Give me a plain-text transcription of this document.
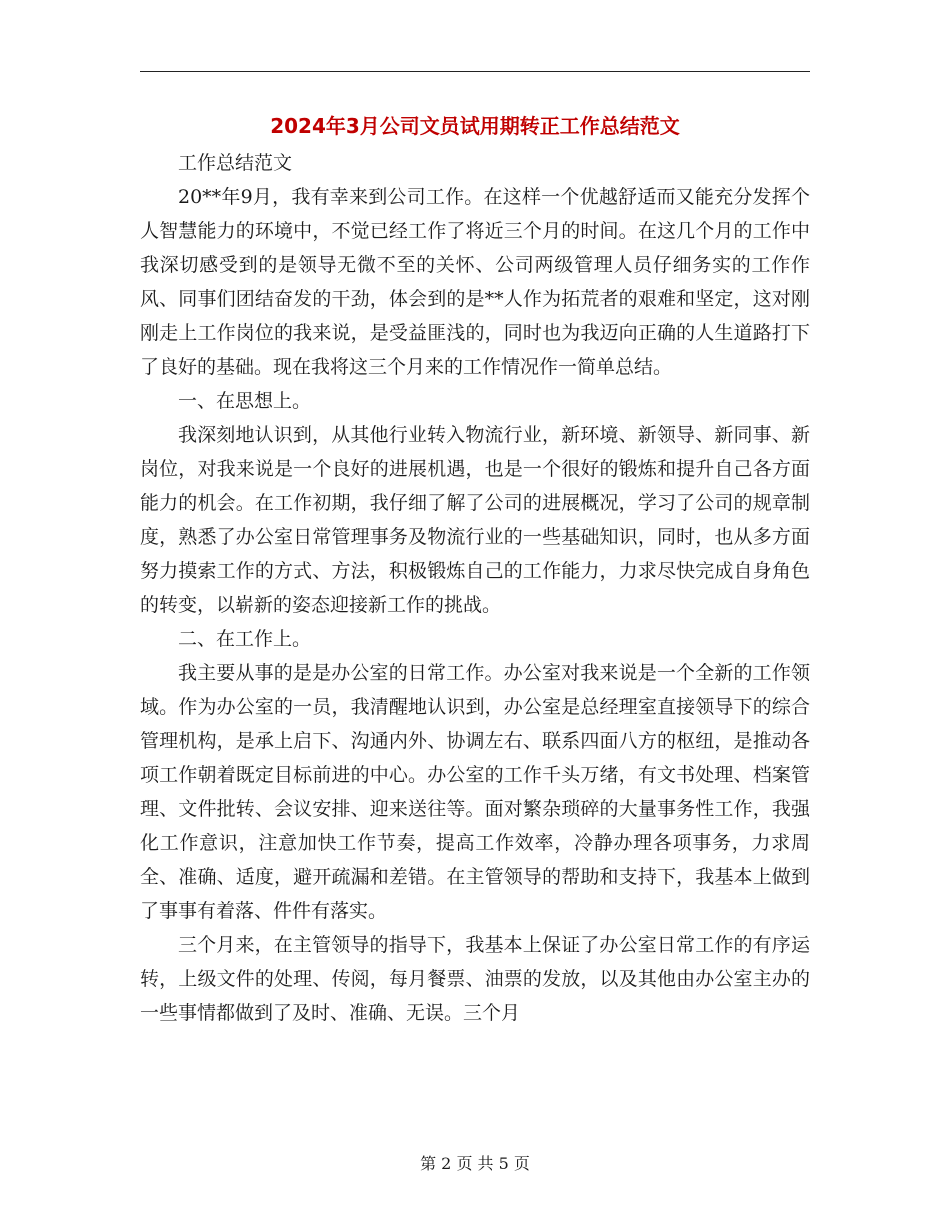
2024年3月公司文员试用期转正工作总结范文

工作总结范文

20**年9月，我有幸来到公司工作。在这样一个优越舒适而又能充分发挥个人智慧能力的环境中，不觉已经工作了将近三个月的时间。在这几个月的工作中我深切感受到的是领导无微不至的关怀、公司两级管理人员仔细务实的工作作风、同事们团结奋发的干劲，体会到的是**人作为拓荒者的艰难和坚定，这对刚刚走上工作岗位的我来说，是受益匪浅的，同时也为我迈向正确的人生道路打下了良好的基础。现在我将这三个月来的工作情况作一简单总结。

一、在思想上。

我深刻地认识到，从其他行业转入物流行业，新环境、新领导、新同事、新岗位，对我来说是一个良好的进展机遇，也是一个很好的锻炼和提升自己各方面能力的机会。在工作初期，我仔细了解了公司的进展概况，学习了公司的规章制度，熟悉了办公室日常管理事务及物流行业的一些基础知识，同时，也从多方面努力摸索工作的方式、方法，积极锻炼自己的工作能力，力求尽快完成自身角色的转变，以崭新的姿态迎接新工作的挑战。

二、在工作上。

我主要从事的是是办公室的日常工作。办公室对我来说是一个全新的工作领域。作为办公室的一员，我清醒地认识到，办公室是总经理室直接领导下的综合管理机构，是承上启下、沟通内外、协调左右、联系四面八方的枢纽，是推动各项工作朝着既定目标前进的中心。办公室的工作千头万绪，有文书处理、档案管理、文件批转、会议安排、迎来送往等。面对繁杂琐碎的大量事务性工作，我强化工作意识，注意加快工作节奏，提高工作效率，冷静办理各项事务，力求周全、准确、适度，避开疏漏和差错。在主管领导的帮助和支持下，我基本上做到了事事有着落、件件有落实。

三个月来，在主管领导的指导下，我基本上保证了办公室日常工作的有序运转，上级文件的处理、传阅，每月餐票、油票的发放，以及其他由办公室主办的一些事情都做到了及时、准确、无误。三个月

第 2 页 共 5 页
